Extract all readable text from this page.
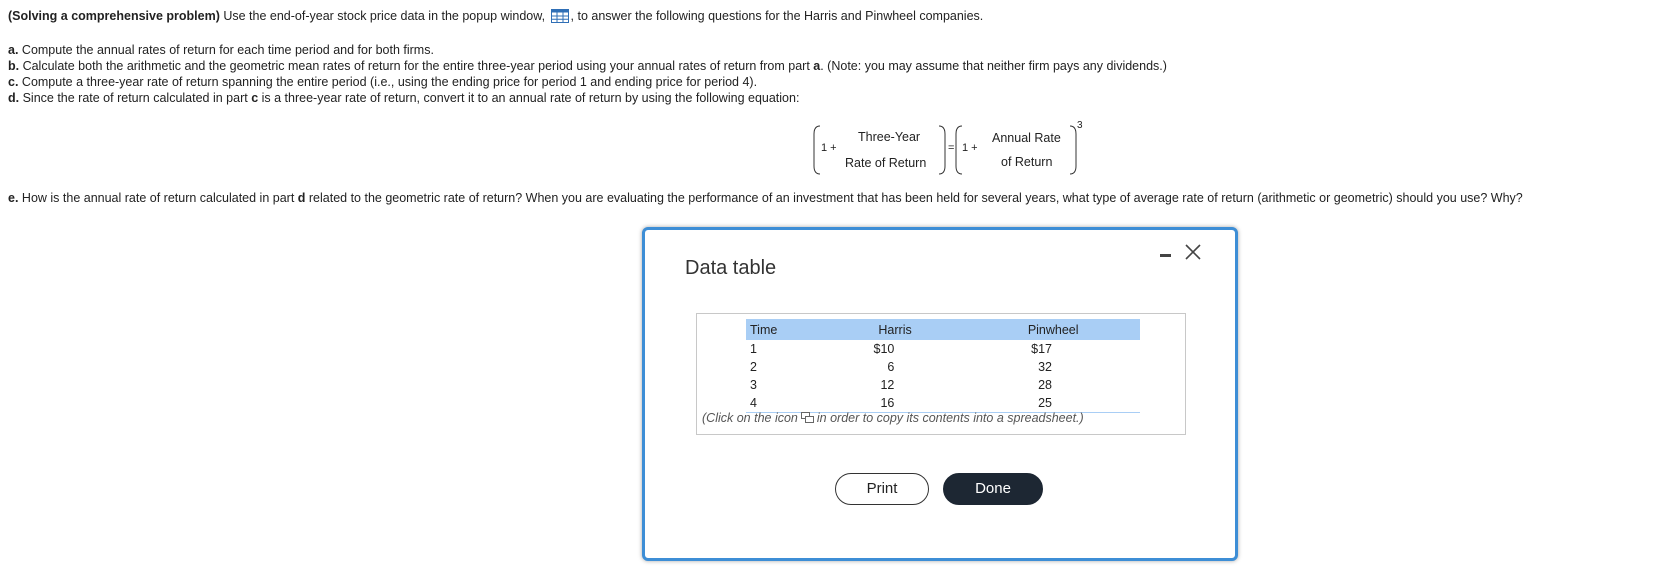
(Solving a comprehensive problem) Use the end-of-year stock price data in the popup window, , to answer the following questions for the Harris and Pinwheel companies.
a. Compute the annual rates of return for each time period and for both firms.
b. Calculate both the arithmetic and the geometric mean rates of return for the entire three-year period using your annual rates of return from part a. (Note: you may assume that neither firm pays any dividends.)
c. Compute a three-year rate of return spanning the entire period (i.e., using the ending price for period 1 and ending price for period 4).
d. Since the rate of return calculated in part c is a three-year rate of return, convert it to an annual rate of return by using the following equation:
1 +
Three-Year
Rate of Return
= 1 +
Annual Rate
of Return
3
e. How is the annual rate of return calculated in part d related to the geometric rate of return? When you are evaluating the performance of an investment that has been held for several years, what type of average rate of return (arithmetic or geometric) should you use? Why?
Data table
Time	Harris	Pinwheel
1	$10	$17
2	6	32
3	12	28
4	16	25
(Click on the icon in order to copy its contents into a spreadsheet.)
Print	Done
